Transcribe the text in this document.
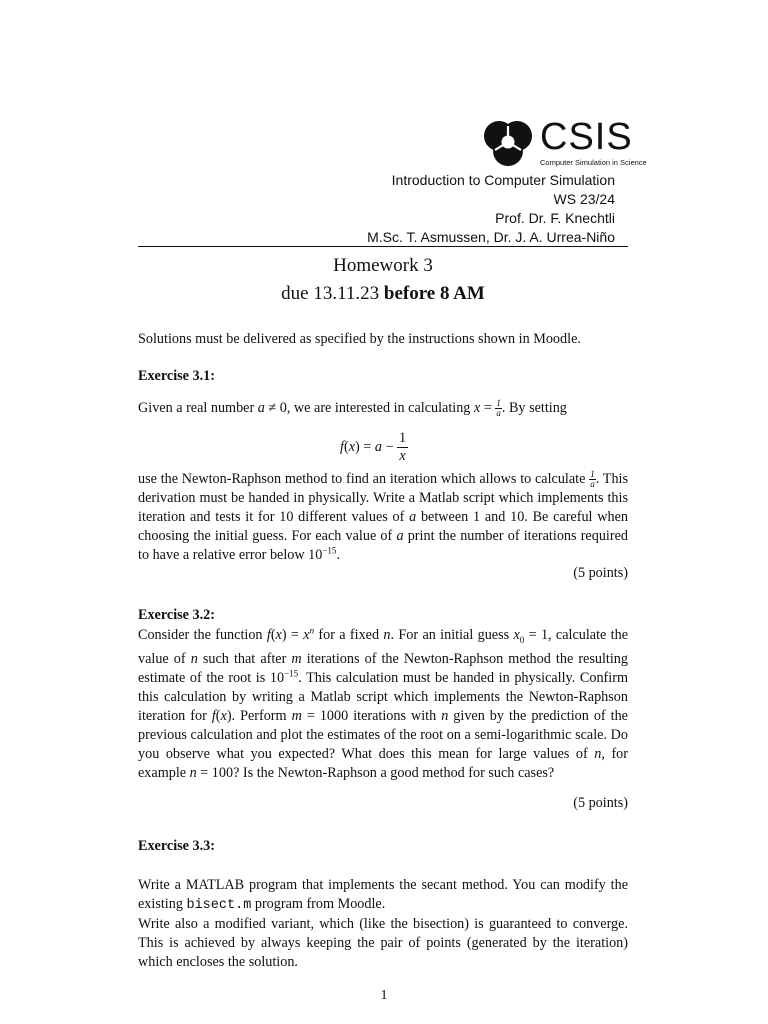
CSIS
Computer Simulation in Science
Introduction to Computer Simulation
WS 23/24
Prof. Dr. F. Knechtli
M.Sc. T. Asmussen, Dr. J. A. Urrea-Niño
Homework 3
due 13.11.23 before 8 AM
Solutions must be delivered as specified by the instructions shown in Moodle.
Exercise 3.1:
Given a real number a ≠ 0, we are interested in calculating $x = \frac{1}{a}$ . By setting
$f(x) = a - \frac{1}{x}$
use the Newton-Raphson method to find an iteration which allows to calculate $\frac{1}{a}$ . This derivation must be handed in physically. Write a Matlab script which implements this iteration and tests it for 10 different values of a between 1 and 10. Be careful when choosing the initial guess. For each value of a print the number of iterations required to have a relative error below $10^{-15}$.
(5 points)
Exercise 3.2:
Consider the function $f(x) = x^n$ for a fixed n. For an initial guess $x_0 = 1$, calculate the value of n such that after m iterations of the Newton-Raphson method the resulting estimate of the root is $10^{-15}$. This calculation must be handed in physically. Confirm this calculation by writing a Matlab script which implements the Newton-Raphson iteration for f(x). Perform m = 1000 iterations with n given by the prediction of the previous calculation and plot the estimates of the root on a semi-logarithmic scale. Do you observe what you expected? What does this mean for large values of n, for example n = 100? Is the Newton-Raphson a good method for such cases?
(5 points)
Exercise 3.3:
Write a MATLAB program that implements the secant method. You can modify the existing bisect.m program from Moodle.
Write also a modified variant, which (like the bisection) is guaranteed to converge. This is achieved by always keeping the pair of points (generated by the iteration) which encloses the solution.
1
